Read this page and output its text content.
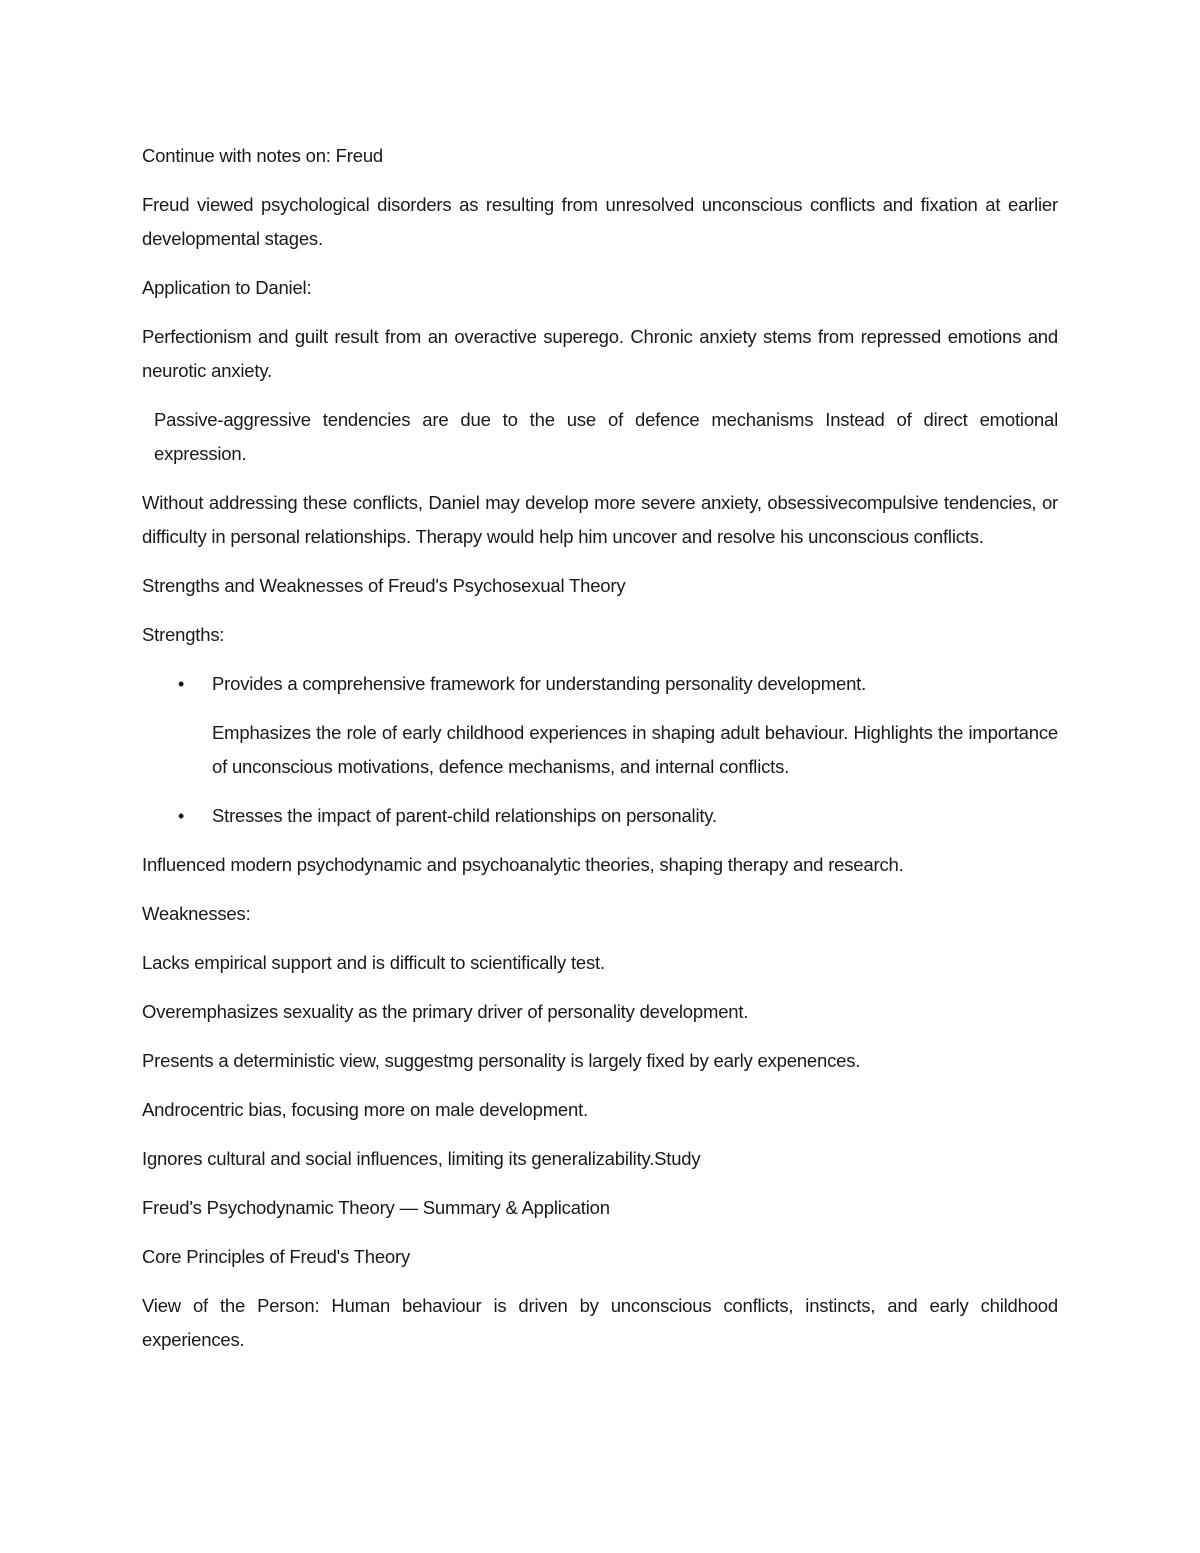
Continue with notes on: Freud

Freud viewed psychological disorders as resulting from unresolved unconscious conflicts and fixation at earlier developmental stages.

Application to Daniel:

Perfectionism and guilt result from an overactive superego. Chronic anxiety stems from repressed emotions and neurotic anxiety.

Passive-aggressive tendencies are due to the use of defence mechanisms Instead of direct emotional expression.

Without addressing these conflicts, Daniel may develop more severe anxiety, obsessivecompulsive tendencies, or difficulty in personal relationships. Therapy would help him uncover and resolve his unconscious conflicts.

Strengths and Weaknesses of Freud's Psychosexual Theory

Strengths:

• Provides a comprehensive framework for understanding personality development.

Emphasizes the role of early childhood experiences in shaping adult behaviour. Highlights the importance of unconscious motivations, defence mechanisms, and internal conflicts.

• Stresses the impact of parent-child relationships on personality.

Influenced modern psychodynamic and psychoanalytic theories, shaping therapy and research.

Weaknesses:

Lacks empirical support and is difficult to scientifically test.

Overemphasizes sexuality as the primary driver of personality development.

Presents a deterministic view, suggestmg personality is largely fixed by early expenences.

Androcentric bias, focusing more on male development.

Ignores cultural and social influences, limiting its generalizability.Study

Freud's Psychodynamic Theory — Summary & Application

Core Principles of Freud's Theory

View of the Person: Human behaviour is driven by unconscious conflicts, instincts, and early childhood experiences.
